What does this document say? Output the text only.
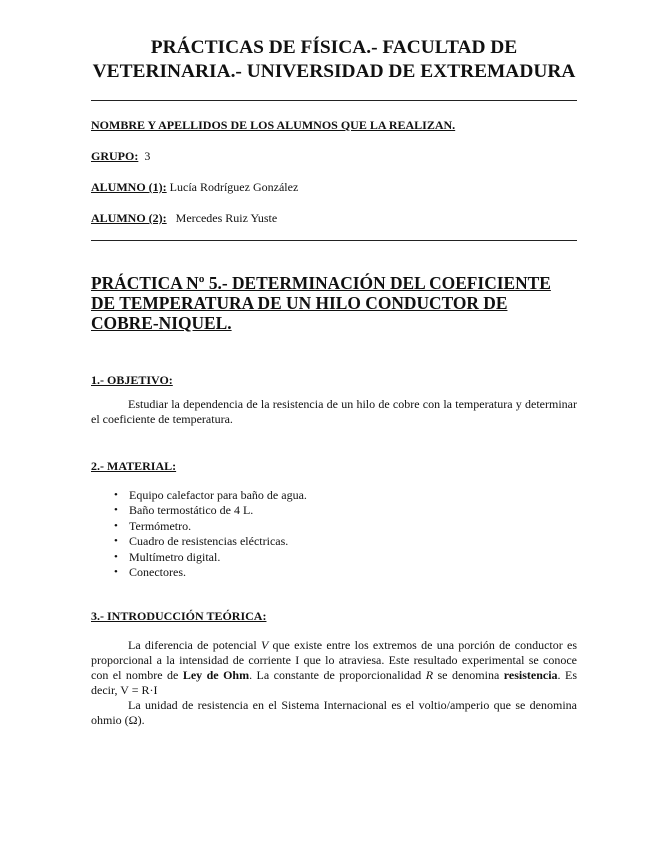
PRÁCTICAS DE FÍSICA.- FACULTAD DE
VETERINARIA.- UNIVERSIDAD DE EXTREMADURA

NOMBRE Y APELLIDOS DE LOS ALUMNOS QUE LA REALIZAN.
GRUPO: 3
ALUMNO (1): Lucía Rodríguez González
ALUMNO (2): Mercedes Ruiz Yuste

PRÁCTICA Nº 5.- DETERMINACIÓN DEL COEFICIENTE DE TEMPERATURA DE UN HILO CONDUCTOR DE COBRE-NIQUEL.

1.- OBJETIVO:

Estudiar la dependencia de la resistencia de un hilo de cobre con la temperatura y determinar el coeficiente de temperatura.

2.- MATERIAL:

• Equipo calefactor para baño de agua.
• Baño termostático de 4 L.
• Termómetro.
• Cuadro de resistencias eléctricas.
• Multímetro digital.
• Conectores.

3.- INTRODUCCIÓN TEÓRICA:

La diferencia de potencial V que existe entre los extremos de una porción de conductor es proporcional a la intensidad de corriente I que lo atraviesa. Este resultado experimental se conoce con el nombre de Ley de Ohm. La constante de proporcionalidad R se denomina resistencia. Es decir, V = R·I

La unidad de resistencia en el Sistema Internacional es el voltio/amperio que se denomina ohmio (Ω).
